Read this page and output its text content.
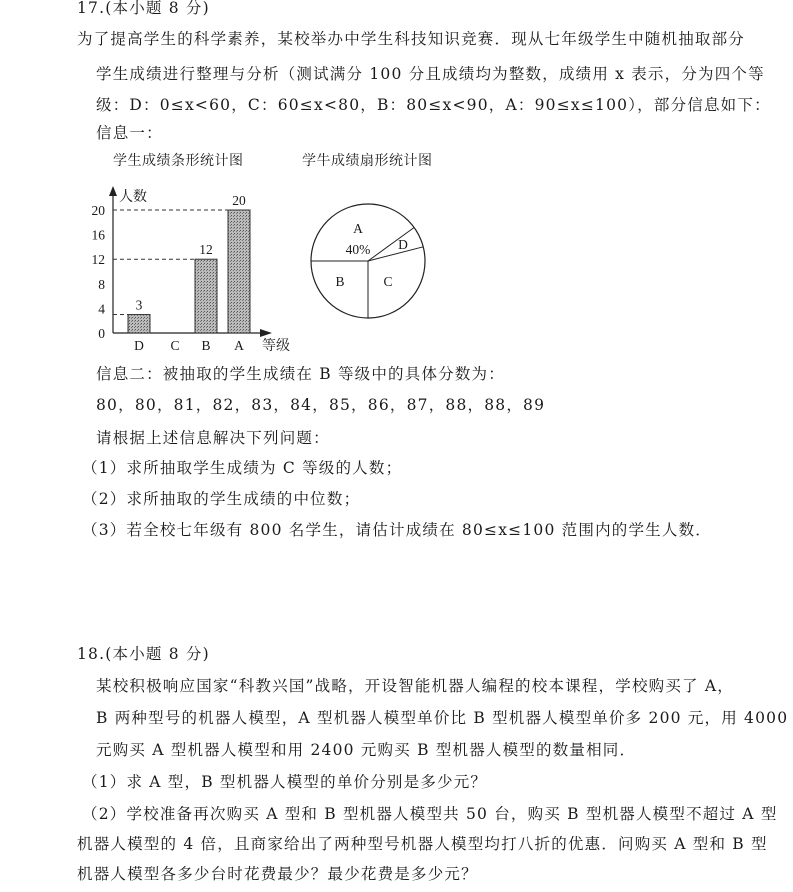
17.(本小题 8 分)
为了提高学生的科学素养，某校举办中学生科技知识竞赛．现从七年级学生中随机抽取部分
学生成绩进行整理与分析（测试满分 100 分且成绩均为整数，成绩用 x 表示，分为四个等
级：D：0≤x<60，C：60≤x<80，B：80≤x<90，A：90≤x≤100），部分信息如下：
信息一：
学生成绩条形统计图	学牛成绩扇形统计图
人数
等级
0
4
8
12
16
20
D
3
C B
12
A
20
A
40% D
C
B
信息二：被抽取的学生成绩在 B 等级中的具体分数为：
80，80，81，82，83，84，85，86，87，88，88，89
请根据上述信息解决下列问题：
（1）求所抽取学生成绩为 C 等级的人数；
（2）求所抽取的学生成绩的中位数；
（3）若全校七年级有 800 名学生，请估计成绩在 80≤x≤100 范围内的学生人数．
18.(本小题 8 分)
某校积极响应国家“科教兴国”战略，开设智能机器人编程的校本课程，学校购买了 A，
B 两种型号的机器人模型，A 型机器人模型单价比 B 型机器人模型单价多 200 元，用 4000
元购买 A 型机器人模型和用 2400 元购买 B 型机器人模型的数量相同．
（1）求 A 型，B 型机器人模型的单价分别是多少元？
（2）学校准备再次购买 A 型和 B 型机器人模型共 50 台，购买 B 型机器人模型不超过 A 型
机器人模型的 4 倍，且商家给出了两种型号机器人模型均打八折的优惠．问购买 A 型和 B 型
机器人模型各多少台时花费最少？最少花费是多少元？
